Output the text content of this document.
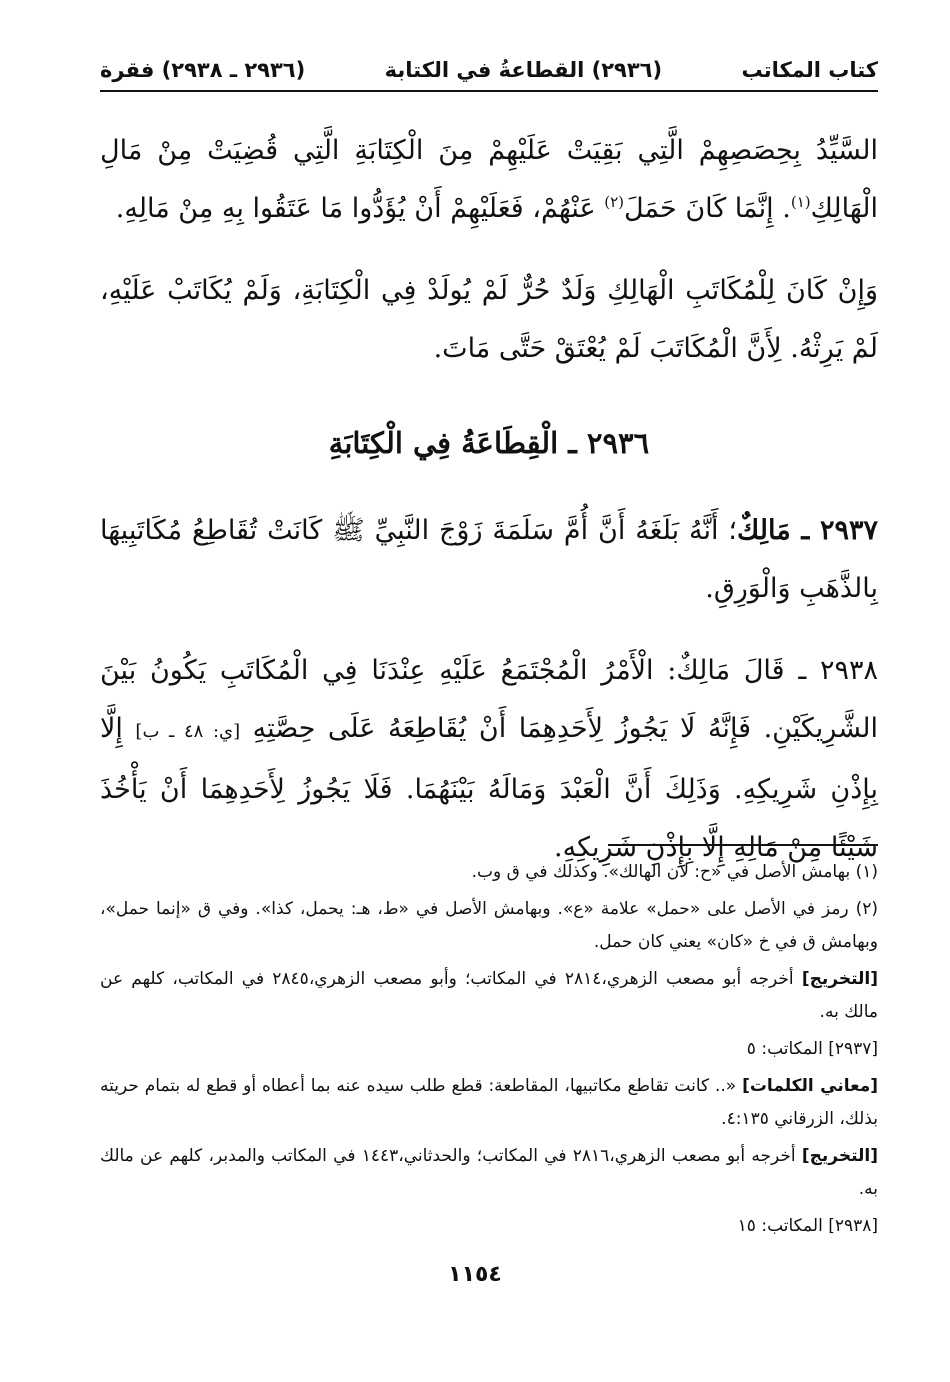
كتاب المكاتب
(٢٩٣٦) القطاعةُ في الكتابة
(٢٩٣٦ ـ ٢٩٣٨) فقرة

السَّيِّدُ بِحِصَصِهِمْ الَّتِي بَقِيَتْ عَلَيْهِمْ مِنَ الْكِتَابَةِ الَّتِي قُضِيَتْ مِنْ مَالِ الْهَالِكِ$^{(١)}$. إِنَّمَا كَانَ حَمَلَ$^{(٢)}$ عَنْهُمْ، فَعَلَيْهِمْ أَنْ يُؤَدُّوا مَا عَتَقُوا بِهِ مِنْ مَالِهِ.

وَإِنْ كَانَ لِلْمُكَاتَبِ الْهَالِكِ وَلَدٌ حُرٌّ لَمْ يُولَدْ فِي الْكِتَابَةِ، وَلَمْ يُكَاتَبْ عَلَيْهِ، لَمْ يَرِثْهُ. لِأَنَّ الْمُكَاتَبَ لَمْ يُعْتَقْ حَتَّى مَاتَ.

٢٩٣٦ ـ الْقِطَاعَةُ فِي الْكِتَابَةِ

٢٩٣٧ ـ مَالِكٌ؛ أَنَّهُ بَلَغَهُ أَنَّ أُمَّ سَلَمَةَ زَوْجَ النَّبِيِّ ﷺ كَانَتْ تُقَاطِعُ مُكَاتَبِيهَا بِالذَّهَبِ وَالْوَرِقِ.

٢٩٣٨ ـ قَالَ مَالِكٌ: الْأَمْرُ الْمُجْتَمَعُ عَلَيْهِ عِنْدَنَا فِي الْمُكَاتَبِ يَكُونُ بَيْنَ الشَّرِيكَيْنِ. فَإِنَّهُ لَا يَجُوزُ لِأَحَدِهِمَا أَنْ يُقَاطِعَهُ عَلَى حِصَّتِهِ [ي: ٤٨ ـ ب] إِلَّا بِإِذْنِ شَرِيكِهِ. وَذَلِكَ أَنَّ الْعَبْدَ وَمَالَهُ بَيْنَهُمَا. فَلَا يَجُوزُ لِأَحَدِهِمَا أَنْ يَأْخُذَ شَيْئًا مِنْ مَالِهِ إِلَّا بِإِذْنِ شَرِيكِهِ.

(١) بهامش الأصل في «ح: لأن الهالك». وكذلك في ق وب.

(٢) رمز في الأصل على «حمل» علامة «ع». وبهامش الأصل في «ط، هـ: يحمل، كذا». وفي ق «إنما حمل»، وبهامش ق في خ «كان» يعني كان حمل.

[التخريج] أخرجه أبو مصعب الزهري،٢٨١٤ في المكاتب؛ وأبو مصعب الزهري،٢٨٤٥ في المكاتب، كلهم عن مالك به.

[٢٩٣٧] المكاتب: ٥

[معاني الكلمات] «.. كانت تقاطع مكاتبيها، المقاطعة: قطع طلب سيده عنه بما أعطاه أو قطع له بتمام حريته بذلك، الزرقاني ٤:١٣٥.

[التخريج] أخرجه أبو مصعب الزهري،٢٨١٦ في المكاتب؛ والحدثاني،١٤٤٣ في المكاتب والمدبر، كلهم عن مالك به.

[٢٩٣٨] المكاتب: ١٥

١١٥٤
